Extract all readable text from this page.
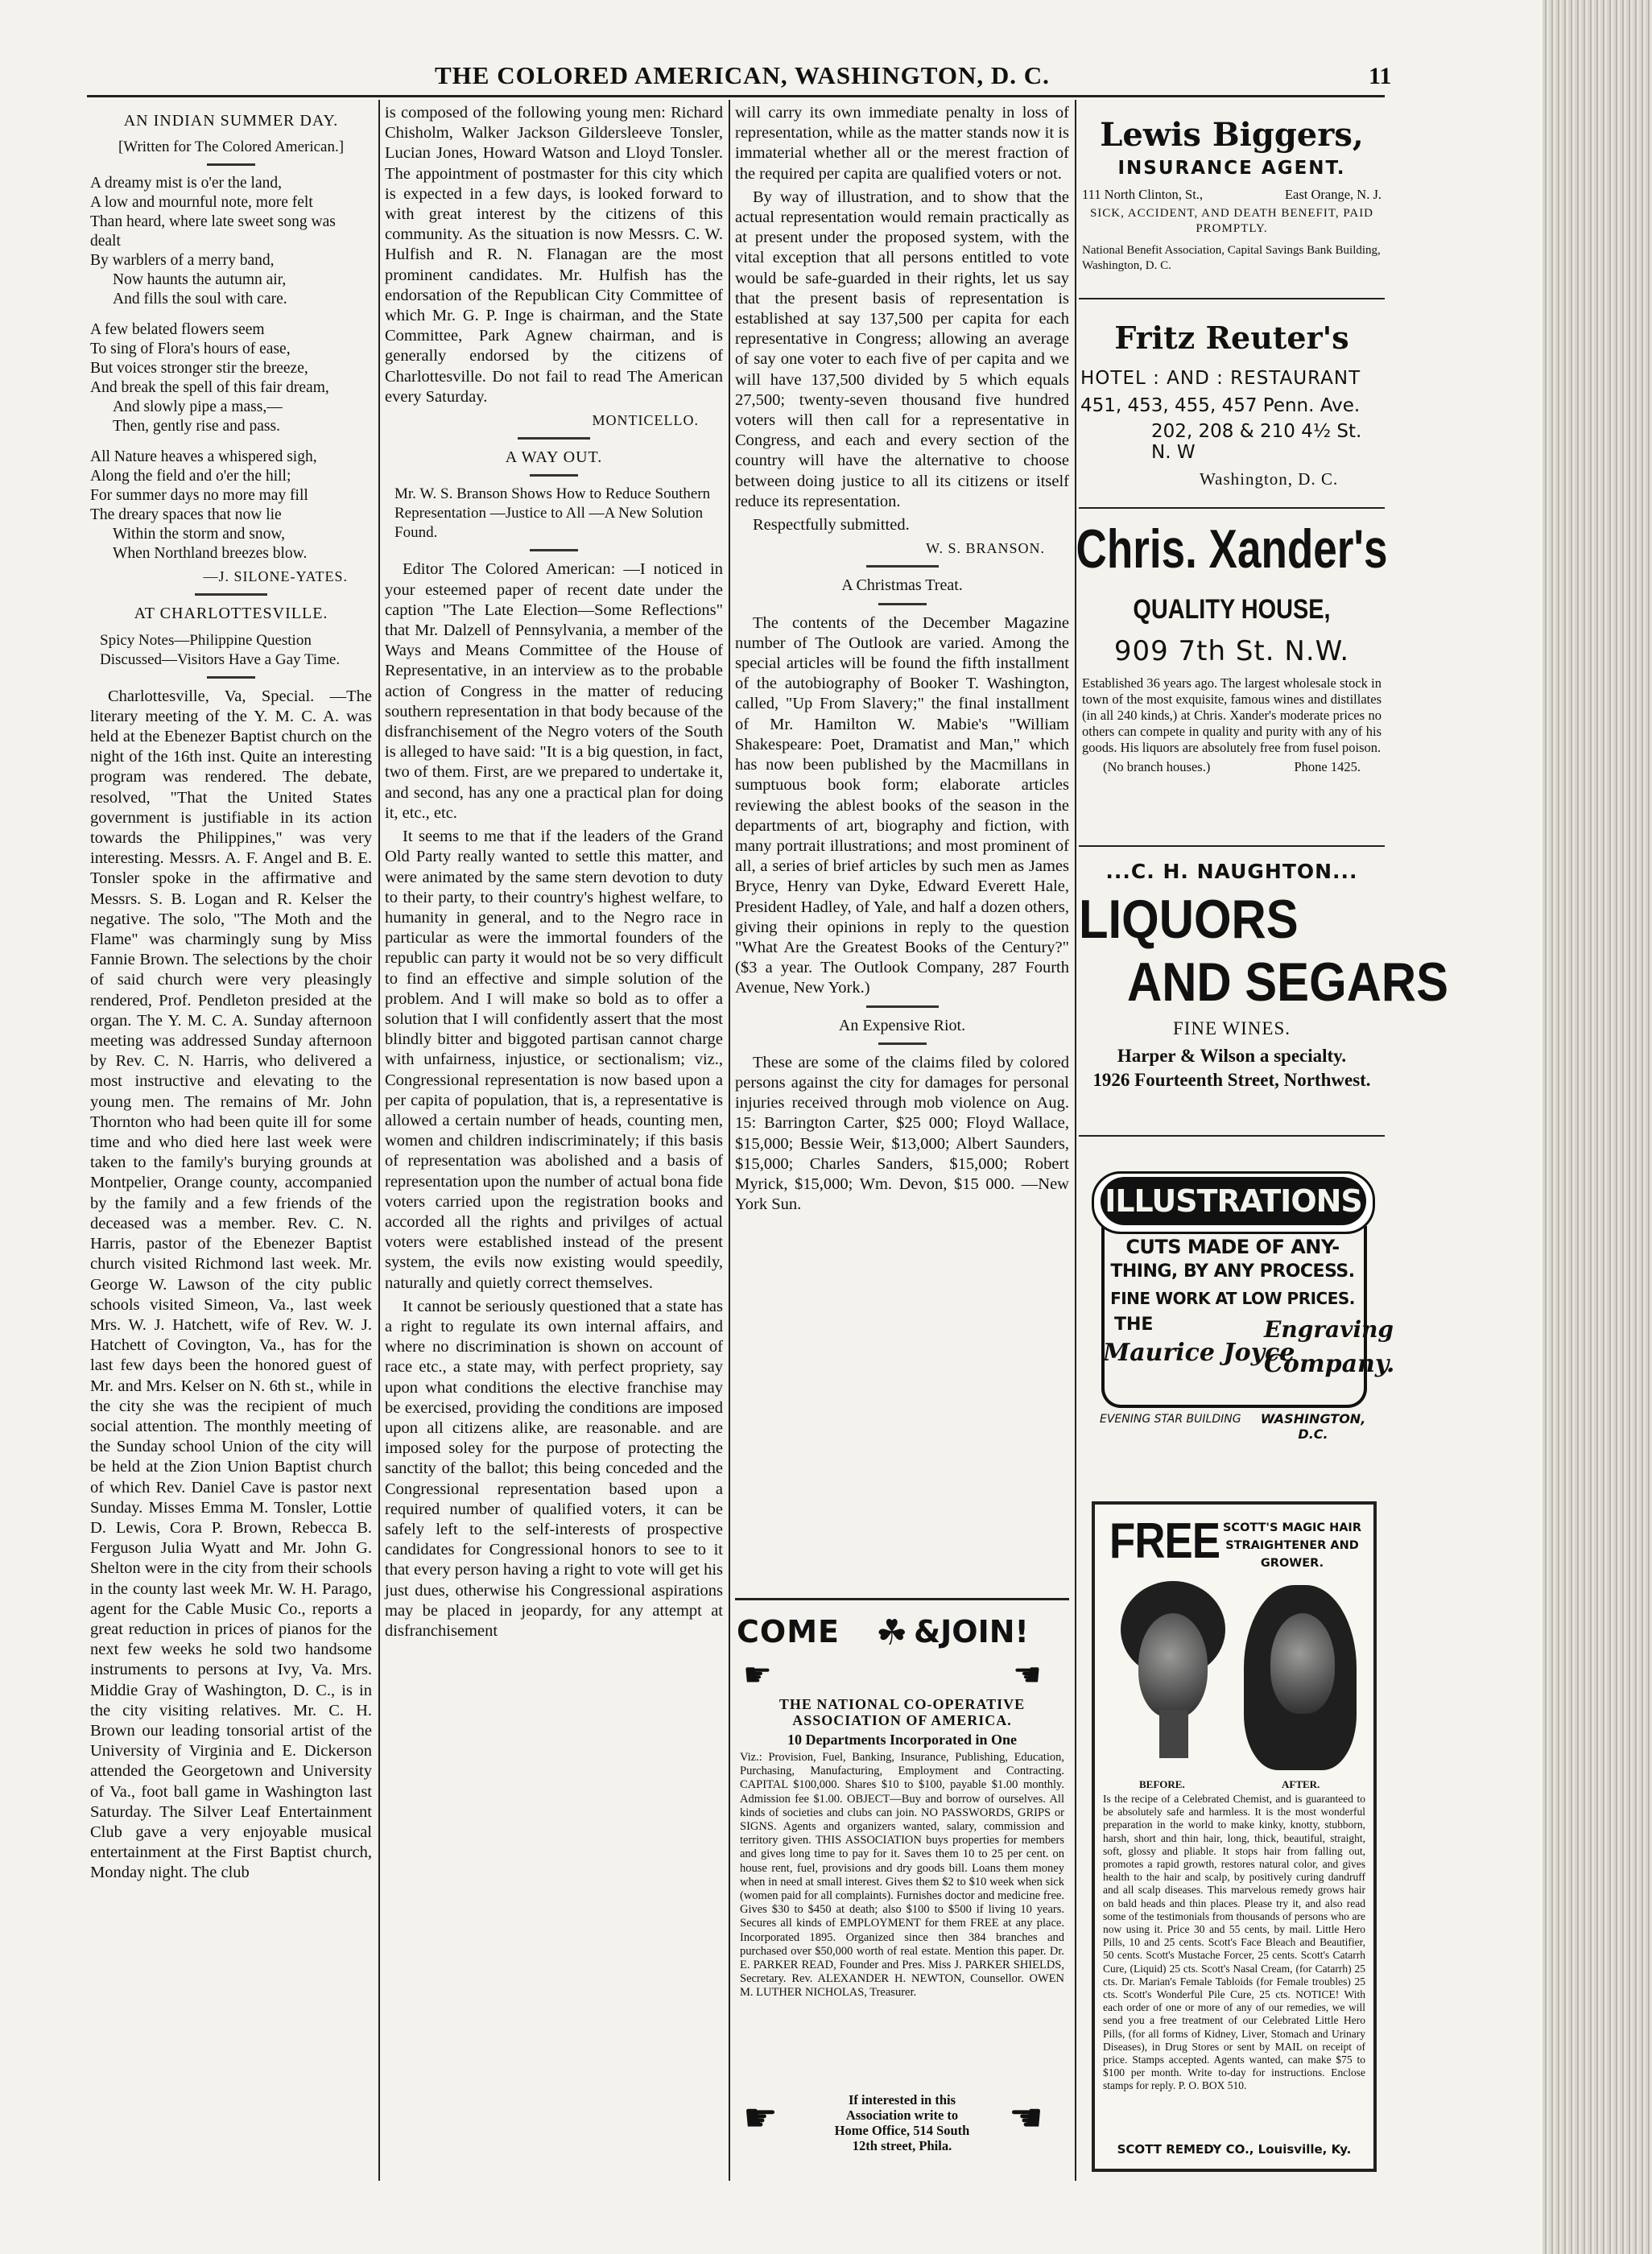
THE COLORED AMERICAN, WASHINGTON, D. C.	11
AN INDIAN SUMMER DAY.
[Written for The Colored American.]
A dreamy mist is o'er the land,
A low and mournful note, more felt
Than heard, where late sweet song was
dealt
By warblers of a merry band,
Now haunts the autumn air,
And fills the soul with care.
A few belated flowers seem
To sing of Flora's hours of ease,
But voices stronger stir the breeze,
And break the spell of this fair dream,
And slowly pipe a mass,—
Then, gently rise and pass.
All Nature heaves a whispered sigh,
Along the field and o'er the hill;
For summer days no more may fill
The dreary spaces that now lie
Within the storm and snow,
When Northland breezes blow.
—J. SILONE-YATES.
AT CHARLOTTESVILLE.
Spicy Notes—Philippine Question Discussed—Visitors Have a Gay Time.

Charlottesville, Va, Special. —The literary meeting of the Y. M. C. A. was held at the Ebenezer Baptist church on the night of the 16th inst. Quite an interesting program was rendered. The debate, resolved, "That the United States government is justifiable in its action towards the Philippines," was very interesting. Messrs. A. F. Angel and B. E. Tonsler spoke in the affirmative and Messrs. S. B. Logan and R. Kelser the negative. The solo, "The Moth and the Flame" was charmingly sung by Miss Fannie Brown. The selections by the choir of said church were very pleasingly rendered, Prof. Pendleton presided at the organ. The Y. M. C. A. Sunday afternoon meeting was addressed Sunday afternoon by Rev. C. N. Harris, who delivered a most instructive and elevating to the young men. The remains of Mr. John Thornton who had been quite ill for some time and who died here last week were taken to the family's burying grounds at Montpelier, Orange county, accompanied by the family and a few friends of the deceased was a member. Rev. C. N. Harris, pastor of the Ebenezer Baptist church visited Richmond last week. Mr. George W. Lawson of the city public schools visited Simeon, Va., last week Mrs. W. J. Hatchett, wife of Rev. W. J. Hatchett of Covington, Va., has for the last few days been the honored guest of Mr. and Mrs. Kelser on N. 6th st., while in the city she was the recipient of much social attention. The monthly meeting of the Sunday school Union of the city will be held at the Zion Union Baptist church of which Rev. Daniel Cave is pastor next Sunday. Misses Emma M. Tonsler, Lottie D. Lewis, Cora P. Brown, Rebecca B. Ferguson Julia Wyatt and Mr. John G. Shelton were in the city from their schools in the county last week Mr. W. H. Parago, agent for the Cable Music Co., reports a great reduction in prices of pianos for the next few weeks he sold two handsome instruments to persons at Ivy, Va. Mrs. Middie Gray of Washington, D. C., is in the city visiting relatives. Mr. C. H. Brown our leading tonsorial artist of the University of Virginia and E. Dickerson attended the Georgetown and University of Va., foot ball game in Washington last Saturday. The Silver Leaf Entertainment Club gave a very enjoyable musical entertainment at the First Baptist church, Monday night. The club

is composed of the following young men: Richard Chisholm, Walker Jackson Gildersleeve Tonsler, Lucian Jones, Howard Watson and Lloyd Tonsler. The appointment of postmaster for this city which is expected in a few days, is looked forward to with great interest by the citizens of this community. As the situation is now Messrs. C. W. Hulfish and R. N. Flanagan are the most prominent candidates. Mr. Hulfish has the endorsation of the Republican City Committee of which Mr. G. P. Inge is chairman, and the State Committee, Park Agnew chairman, and is generally endorsed by the citizens of Charlottesville. Do not fail to read The American every Saturday.

MONTICELLO.
A WAY OUT.
Mr. W. S. Branson Shows How to Reduce Southern Representation —Justice to All —A New Solution Found.

Editor The Colored American: —I noticed in your esteemed paper of recent date under the caption "The Late Election—Some Reflections" that Mr. Dalzell of Pennsylvania, a member of the Ways and Means Committee of the House of Representative, in an interview as to the probable action of Congress in the matter of reducing southern representation in that body because of the disfranchisement of the Negro voters of the South is alleged to have said: "It is a big question, in fact, two of them. First, are we prepared to undertake it, and second, has any one a practical plan for doing it, etc., etc.

It seems to me that if the leaders of the Grand Old Party really wanted to settle this matter, and were animated by the same stern devotion to duty to their party, to their country's highest welfare, to humanity in general, and to the Negro race in particular as were the immortal founders of the republic can party it would not be so very difficult to find an effective and simple solution of the problem. And I will make so bold as to offer a solution that I will confidently assert that the most blindly bitter and biggoted partisan cannot charge with unfairness, injustice, or sectionalism; viz., Congressional representation is now based upon a per capita of population, that is, a representative is allowed a certain number of heads, counting men, women and children indiscriminately; if this basis of representation was abolished and a basis of representation upon the number of actual bona fide voters carried upon the registration books and accorded all the rights and privilges of actual voters were established instead of the present system, the evils now existing would speedily, naturally and quietly correct themselves.

It cannot be seriously questioned that a state has a right to regulate its own internal affairs, and where no discrimination is shown on account of race etc., a state may, with perfect propriety, say upon what conditions the elective franchise may be exercised, providing the conditions are imposed upon all citizens alike, are reasonable. and are imposed soley for the purpose of protecting the sanctity of the ballot; this being conceded and the Congressional representation based upon a required number of qualified voters, it can be safely left to the self-interests of prospective candidates for Congressional honors to see to it that every person having a right to vote will get his just dues, otherwise his Congressional aspirations may be placed in jeopardy, for any attempt at disfranchisement

will carry its own immediate penalty in loss of representation, while as the matter stands now it is immaterial whether all or the merest fraction of the required per capita are qualified voters or not.

By way of illustration, and to show that the actual representation would remain practically as at present under the proposed system, with the vital exception that all persons entitled to vote would be safe-guarded in their rights, let us say that the present basis of representation is established at say 137,500 per capita for each representative in Congress; allowing an average of say one voter to each five of per capita and we will have 137,500 divided by 5 which equals 27,500; twenty-seven thousand five hundred voters will then call for a representative in Congress, and each and every section of the country will have the alternative to choose between doing justice to all its citizens or itself reduce its representation.

Respectfully submitted.

W. S. BRANSON.
A Christmas Treat.

The contents of the December Magazine number of The Outlook are varied. Among the special articles will be found the fifth installment of the autobiography of Booker T. Washington, called, "Up From Slavery;" the final installment of Mr. Hamilton W. Mabie's "William Shakespeare: Poet, Dramatist and Man," which has now been published by the Macmillans in sumptuous book form; elaborate articles reviewing the ablest books of the season in the departments of art, biography and fiction, with many portrait illustrations; and most prominent of all, a series of brief articles by such men as James Bryce, Henry van Dyke, Edward Everett Hale, President Hadley, of Yale, and half a dozen others, giving their opinions in reply to the question "What Are the Greatest Books of the Century?" ($3 a year. The Outlook Company, 287 Fourth Avenue, New York.)

An Expensive Riot.

These are some of the claims filed by colored persons against the city for damages for personal injuries received through mob violence on Aug. 15: Barrington Carter, $25 000; Floyd Wallace, $15,000; Bessie Weir, $13,000; Albert Saunders, $15,000; Charles Sanders, $15,000; Robert Myrick, $15,000; Wm. Devon, $15 000. —New York Sun.

COME ☘ &JOIN!
☛	☛
THE NATIONAL CO-OPERATIVE ASSOCIATION OF AMERICA.
10 Departments Incorporated in One
Viz.: Provision, Fuel, Banking, Insurance, Publishing, Education, Purchasing, Manufacturing, Employment and Contracting. CAPITAL $100,000. Shares $10 to $100, payable $1.00 monthly. Admission fee $1.00. OBJECT—Buy and borrow of ourselves. All kinds of societies and clubs can join. NO PASSWORDS, GRIPS or SIGNS. Agents and organizers wanted, salary, commission and territory given. THIS ASSOCIATION buys properties for members and gives long time to pay for it. Saves them 10 to 25 per cent. on house rent, fuel, provisions and dry goods bill. Loans them money when in need at small interest. Gives them $2 to $10 week when sick (women paid for all complaints). Furnishes doctor and medicine free. Gives $30 to $450 at death; also $100 to $500 if living 10 years. Secures all kinds of EMPLOYMENT for them FREE at any place. Incorporated 1895. Organized since then 384 branches and purchased over $50,000 worth of real estate. Mention this paper. Dr. E. PARKER READ, Founder and Pres. Miss J. PARKER SHIELDS, Secretary. Rev. ALEXANDER H. NEWTON, Counsellor. OWEN M. LUTHER NICHOLAS, Treasurer.
☛	☛
If interested in this
Association write to
Home Office, 514 South
12th street, Phila.
Lewis Biggers,
INSURANCE AGENT.
111 North Clinton, St.,	East Orange, N. J.
SICK, ACCIDENT, AND DEATH BENEFIT, PAID PROMPTLY.
National Benefit Association, Capital Savings Bank Building, Washington, D. C.
Fritz Reuter's
HOTEL : AND : RESTAURANT
451, 453, 455, 457 Penn. Ave.
202, 208 & 210 4½ St. N. W
Washington, D. C.
Chris. Xander's
QUALITY HOUSE,
909 7th St. N.W.
Established 36 years ago. The largest wholesale stock in town of the most exquisite, famous wines and distillates (in all 240 kinds,) at Chris. Xander's moderate prices no others can compete in quality and purity with any of his goods. His liquors are absolutely free from fusel poison.
(No branch houses.)	Phone 1425.
...C. H. NAUGHTON...
LIQUORS
AND SEGARS
FINE WINES.
Harper & Wilson a specialty.
1926 Fourteenth Street, Northwest.
ILLUSTRATIONS
CUTS MADE OF ANY-
THING, BY ANY PROCESS.
FINE WORK AT LOW PRICES.
THE
Maurice Joyce
Engraving
Company.
EVENING STAR BUILDING	WASHINGTON, D.C.
FREE SCOTT'S MAGIC HAIR STRAIGHTENER AND GROWER.
BEFORE.	AFTER.
Is the recipe of a Celebrated Chemist, and is guaranteed to be absolutely safe and harmless. It is the most wonderful preparation in the world to make kinky, knotty, stubborn, harsh, short and thin hair, long, thick, beautiful, straight, soft, glossy and pliable. It stops hair from falling out, promotes a rapid growth, restores natural color, and gives health to the hair and scalp, by positively curing dandruff and all scalp diseases. This marvelous remedy grows hair on bald heads and thin places. Please try it, and also read some of the testimonials from thousands of persons who are now using it. Price 30 and 55 cents, by mail. Little Hero Pills, 10 and 25 cents. Scott's Face Bleach and Beautifier, 50 cents. Scott's Mustache Forcer, 25 cents. Scott's Catarrh Cure, (Liquid) 25 cts. Scott's Nasal Cream, (for Catarrh) 25 cts. Dr. Marian's Female Tabloids (for Female troubles) 25 cts. Scott's Wonderful Pile Cure, 25 cts. NOTICE! With each order of one or more of any of our remedies, we will send you a free treatment of our Celebrated Little Hero Pills, (for all forms of Kidney, Liver, Stomach and Urinary Diseases), in Drug Stores or sent by MAIL on receipt of price. Stamps accepted. Agents wanted, can make $75 to $100 per month. Write to-day for instructions. Enclose stamps for reply. P. O. BOX 510.
SCOTT REMEDY CO., Louisville, Ky.
